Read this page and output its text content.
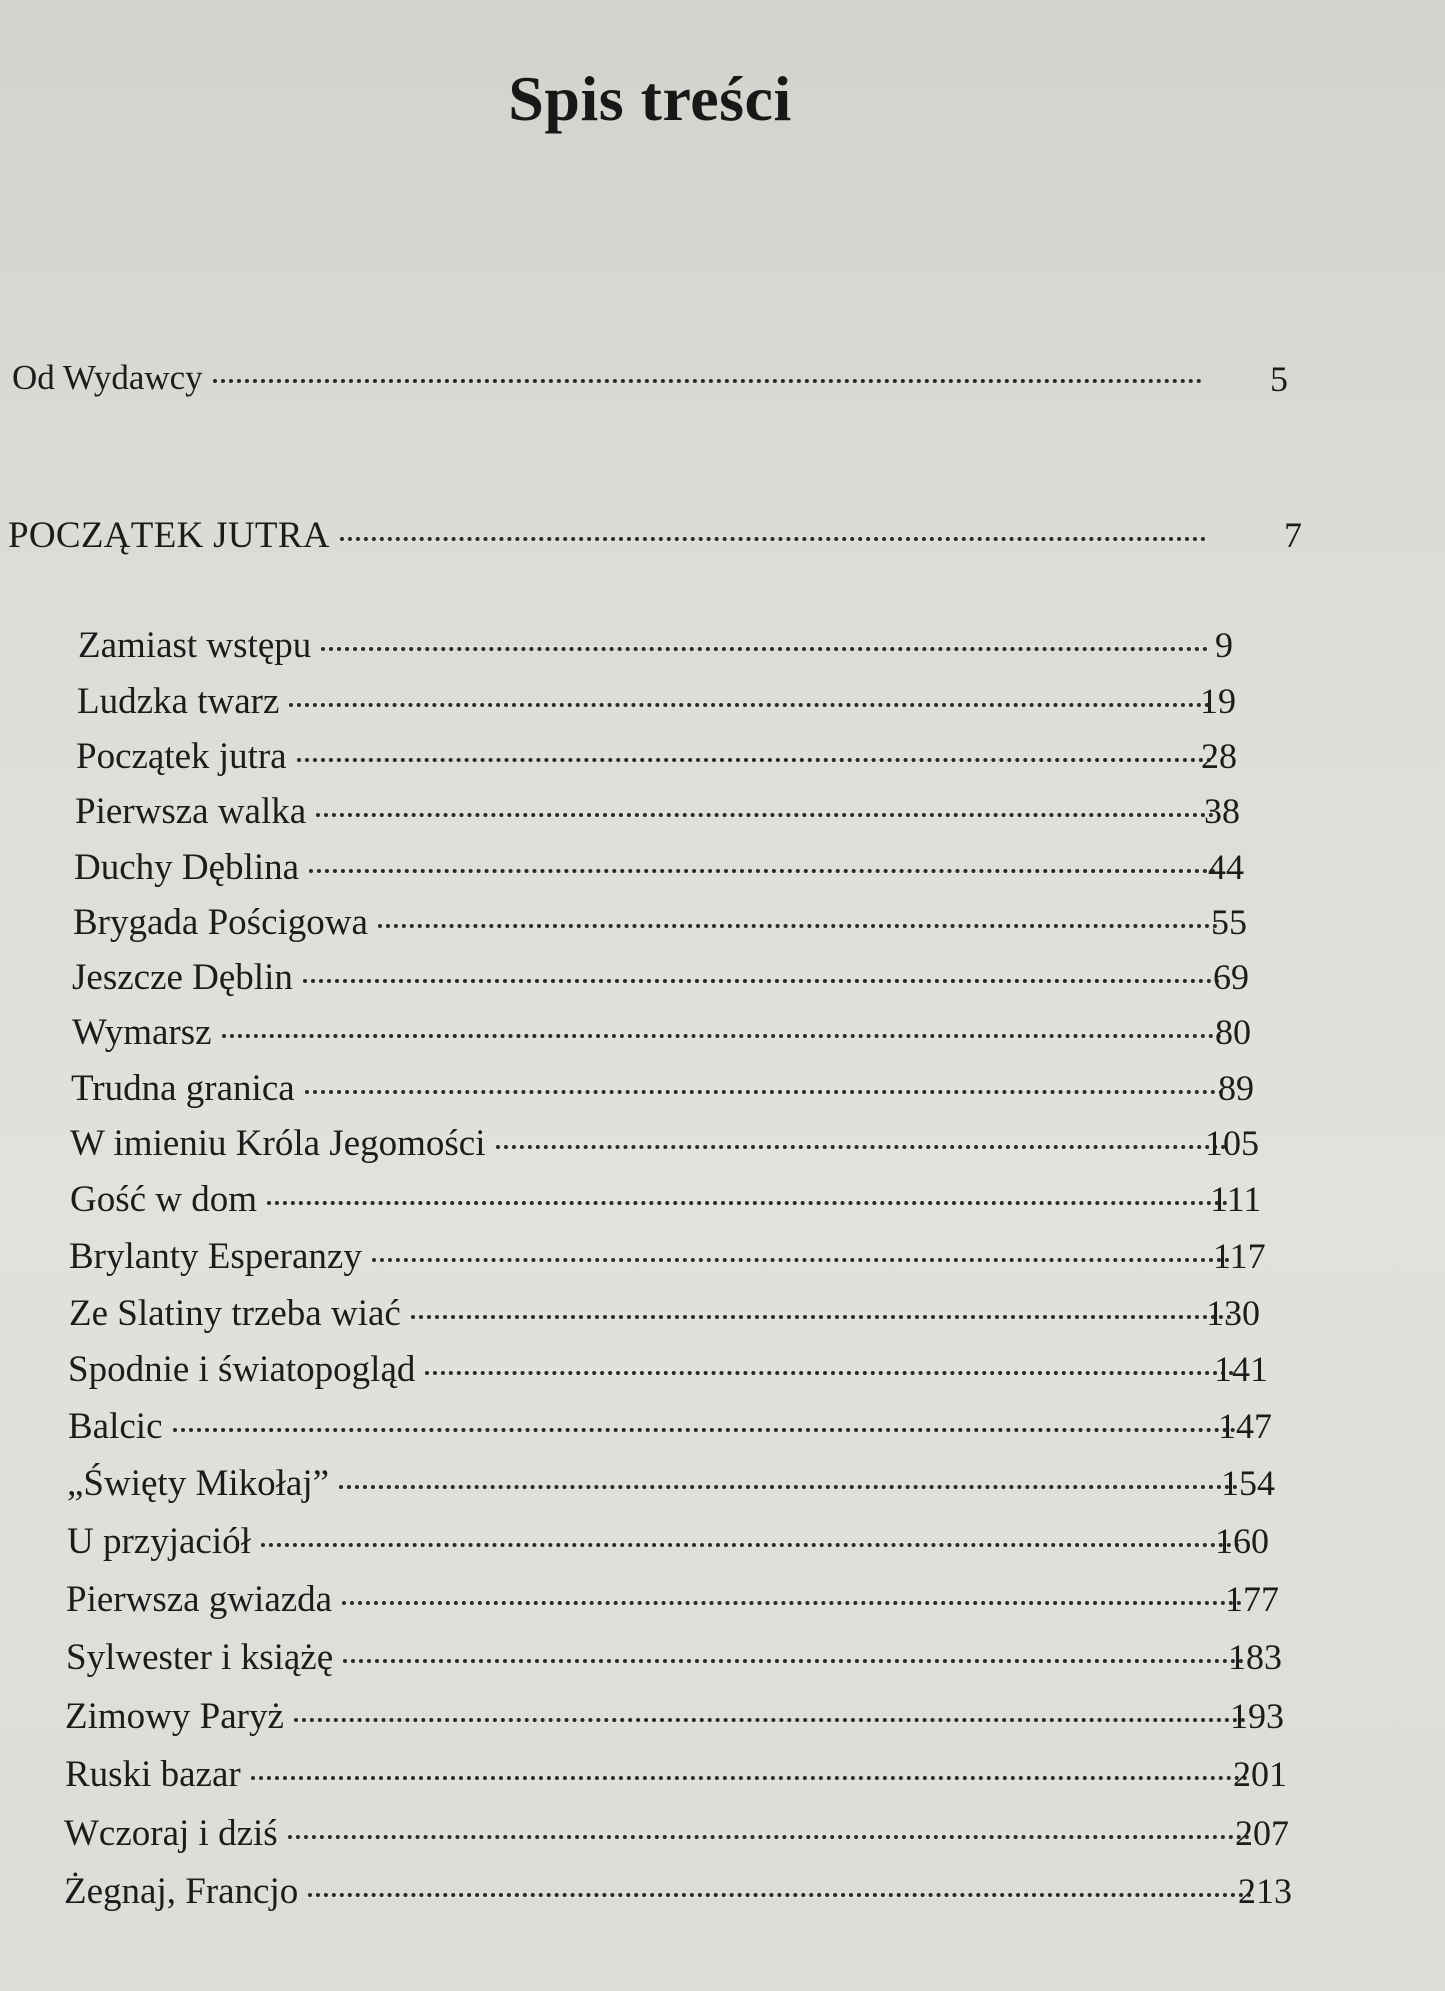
Spis treści
Od Wydawcy	5
POCZĄTEK JUTRA	7
Zamiast wstępu	9
Ludzka twarz	19
Początek jutra	28
Pierwsza walka	38
Duchy Dęblina	44
Brygada Pościgowa	55
Jeszcze Dęblin	69
Wymarsz	80
Trudna granica	89
W imieniu Króla Jegomości	105
Gość w dom	111
Brylanty Esperanzy	117
Ze Slatiny trzeba wiać	130
Spodnie i światopogląd	141
Balcic	147
„Święty Mikołaj”	154
U przyjaciół	160
Pierwsza gwiazda	177
Sylwester i książę	183
Zimowy Paryż	193
Ruski bazar	201
Wczoraj i dziś	207
Żegnaj, Francjo	213
